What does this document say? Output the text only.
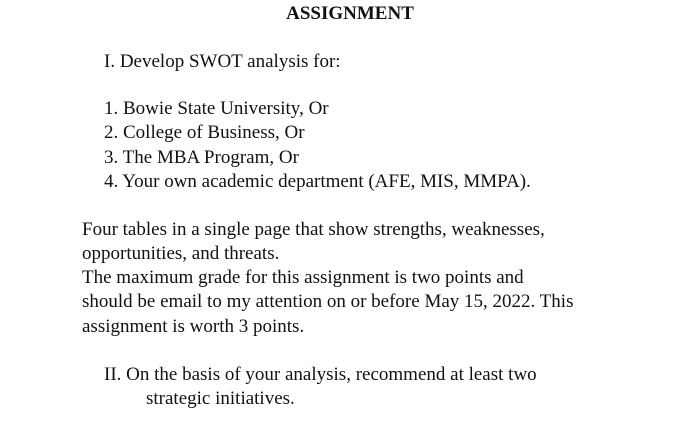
ASSIGNMENT
I. Develop SWOT analysis for:
1. Bowie State University, Or
2. College of Business, Or
3. The MBA Program, Or
4. Your own academic department (AFE, MIS, MMPA).
Four tables in a single page that show strengths, weaknesses,
opportunities, and threats.
The maximum grade for this assignment is two points and
should be email to my attention on or before May 15, 2022. This
assignment is worth 3 points.
II. On the basis of your analysis, recommend at least two
strategic initiatives.
